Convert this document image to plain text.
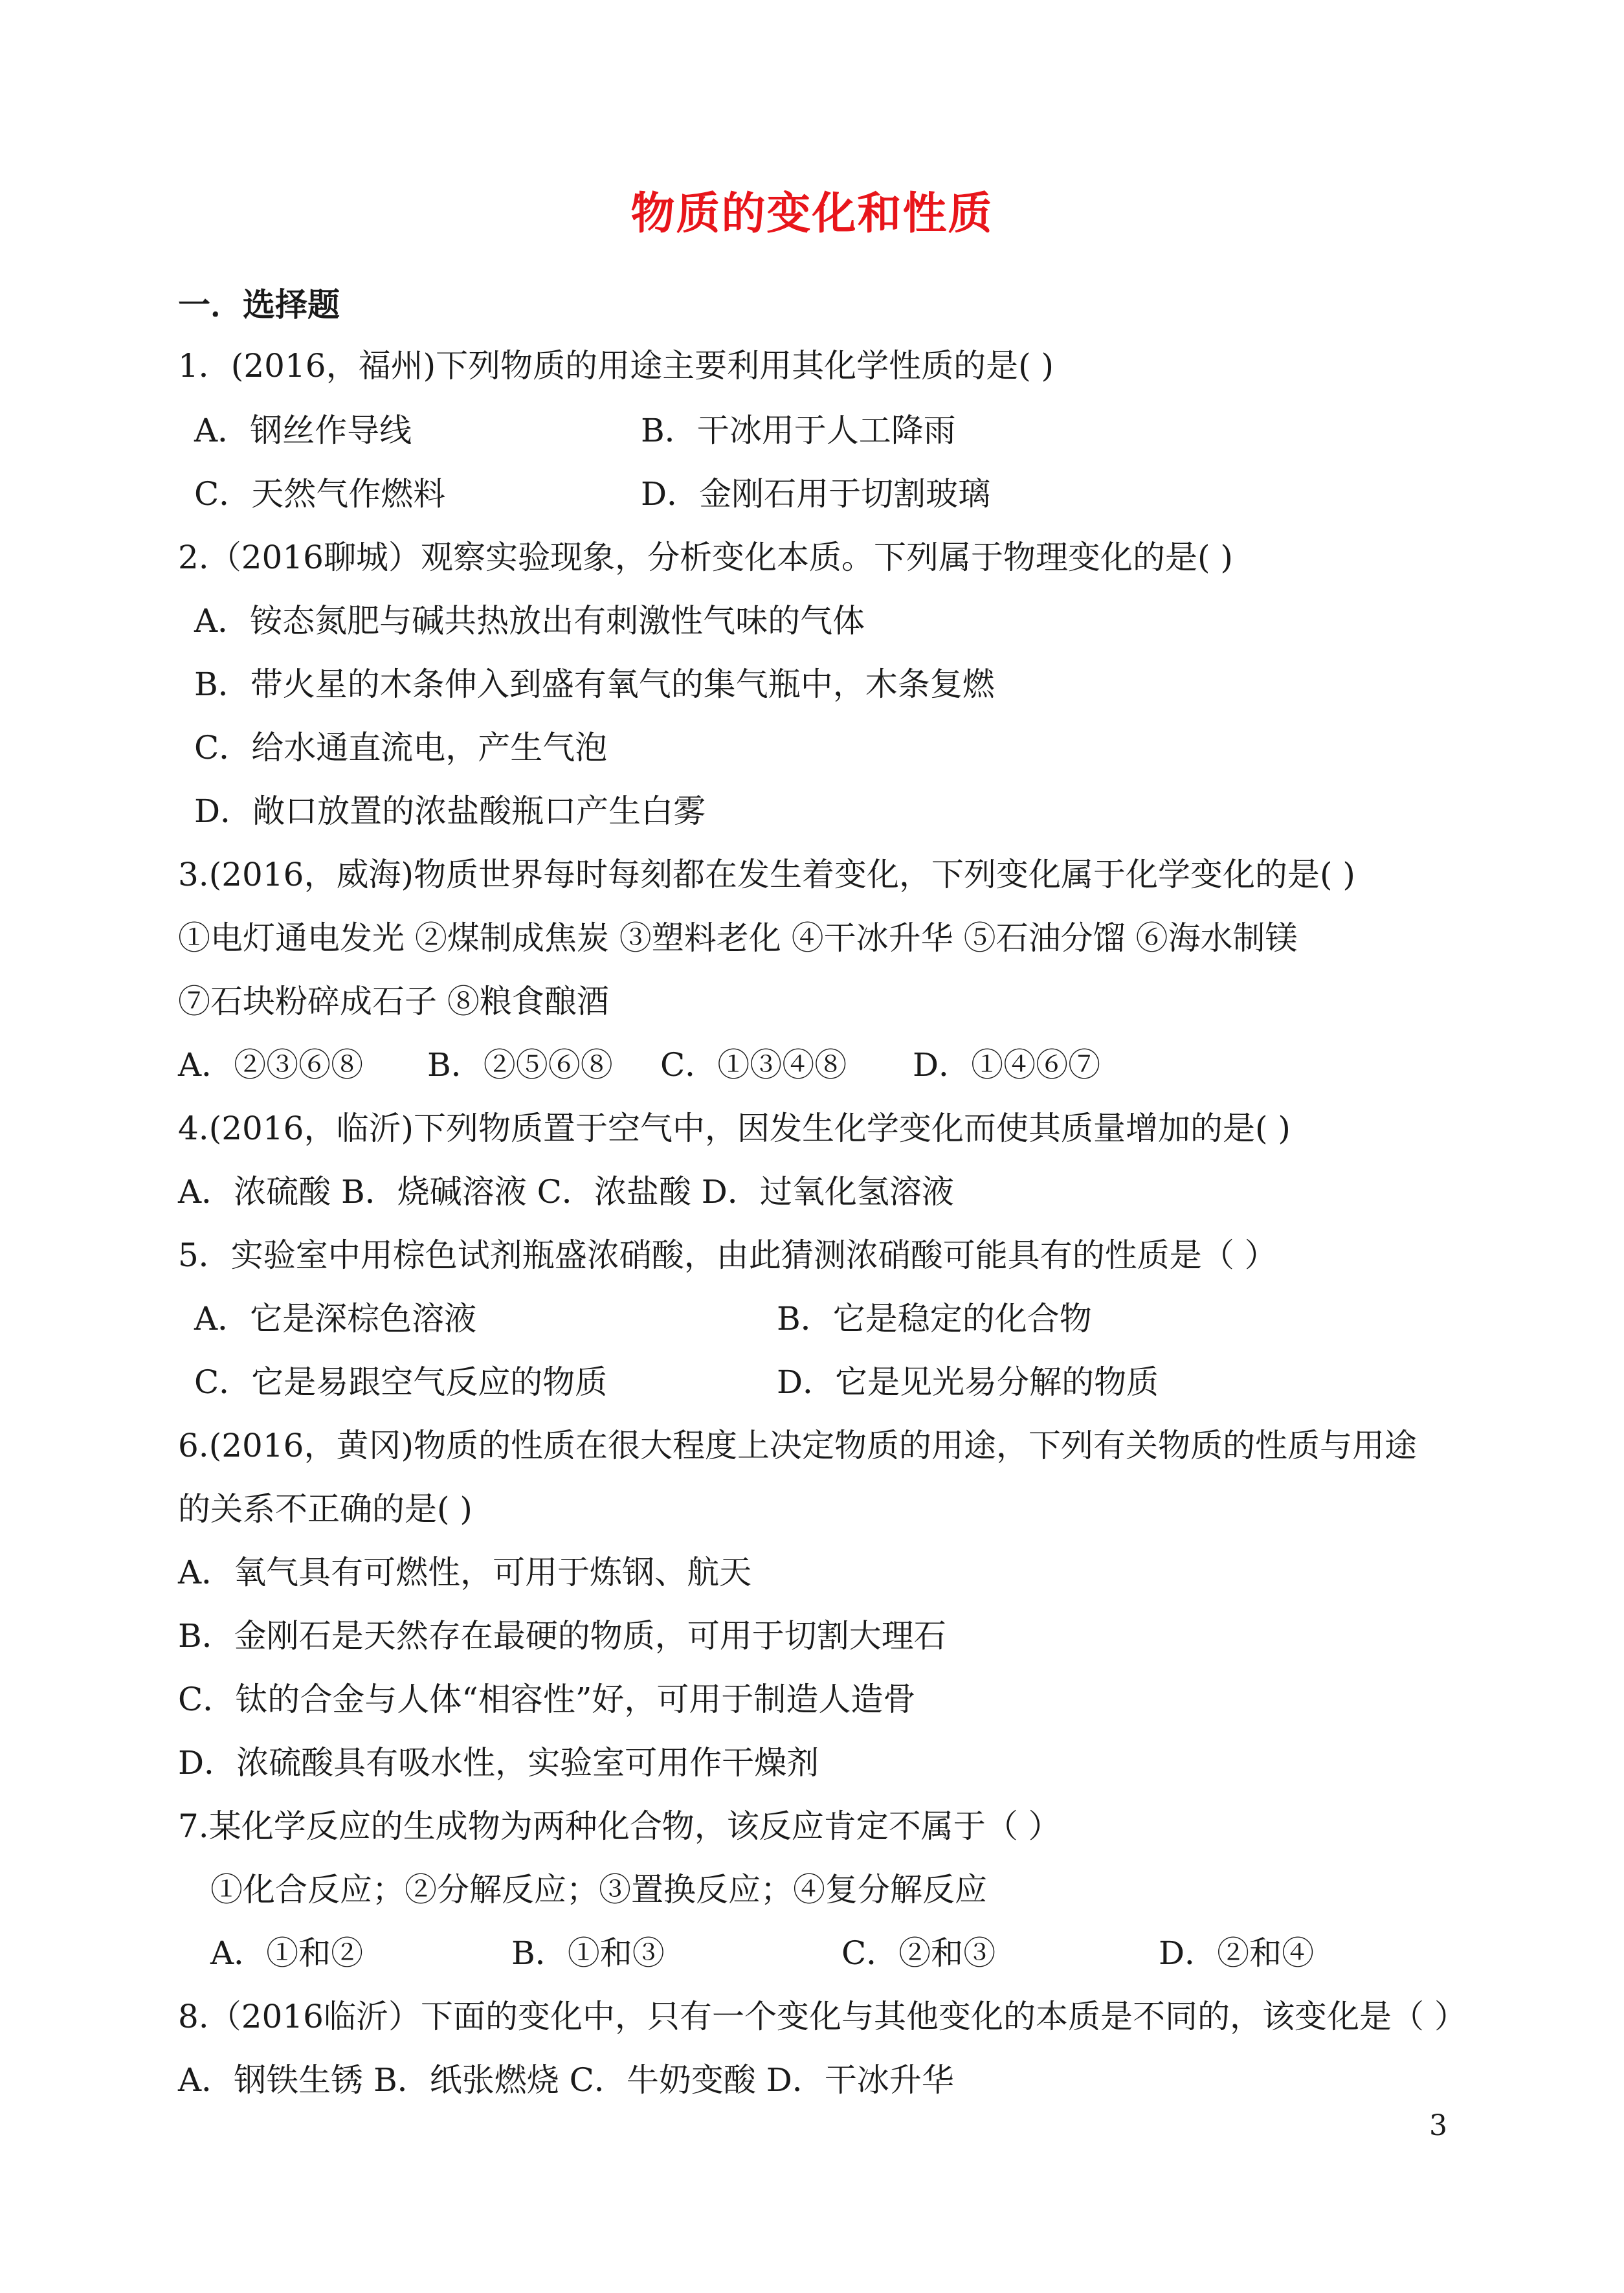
物质的变化和性质
一．选择题
1．(2016，福州)下列物质的用途主要利用其化学性质的是( )
A．钢丝作导线	B．干冰用于人工降雨
C．天然气作燃料	D．金刚石用于切割玻璃
2.（2016聊城）观察实验现象，分析变化本质。下列属于物理变化的是( )
A．铵态氮肥与碱共热放出有刺激性气味的气体
B．带火星的木条伸入到盛有氧气的集气瓶中，木条复燃
C．给水通直流电，产生气泡
D．敞口放置的浓盐酸瓶口产生白雾
3.(2016，威海)物质世界每时每刻都在发生着变化，下列变化属于化学变化的是( )
①电灯通电发光 ②煤制成焦炭 ③塑料老化 ④干冰升华 ⑤石油分馏 ⑥海水制镁
⑦石块粉碎成石子 ⑧粮食酿酒
A．②③⑥⑧ B．②⑤⑥⑧ C．①③④⑧ D．①④⑥⑦
4.(2016，临沂)下列物质置于空气中，因发生化学变化而使其质量增加的是( )
A．浓硫酸 B．烧碱溶液 C．浓盐酸 D．过氧化氢溶液
5．实验室中用棕色试剂瓶盛浓硝酸，由此猜测浓硝酸可能具有的性质是（ ）
A．它是深棕色溶液	B．它是稳定的化合物
C．它是易跟空气反应的物质	D．它是见光易分解的物质
6.(2016，黄冈)物质的性质在很大程度上决定物质的用途，下列有关物质的性质与用途
的关系不正确的是( )
A．氧气具有可燃性，可用于炼钢、航天
B．金刚石是天然存在最硬的物质，可用于切割大理石
C．钛的合金与人体“相容性”好，可用于制造人造骨
D．浓硫酸具有吸水性，实验室可用作干燥剂
7.某化学反应的生成物为两种化合物，该反应肯定不属于（ ）
①化合反应；②分解反应；③置换反应；④复分解反应
A．①和②	B．①和③	C．②和③	D．②和④
8.（2016临沂）下面的变化中，只有一个变化与其他变化的本质是不同的，该变化是（ ）
A．钢铁生锈 B．纸张燃烧 C．牛奶变酸 D．干冰升华
3
